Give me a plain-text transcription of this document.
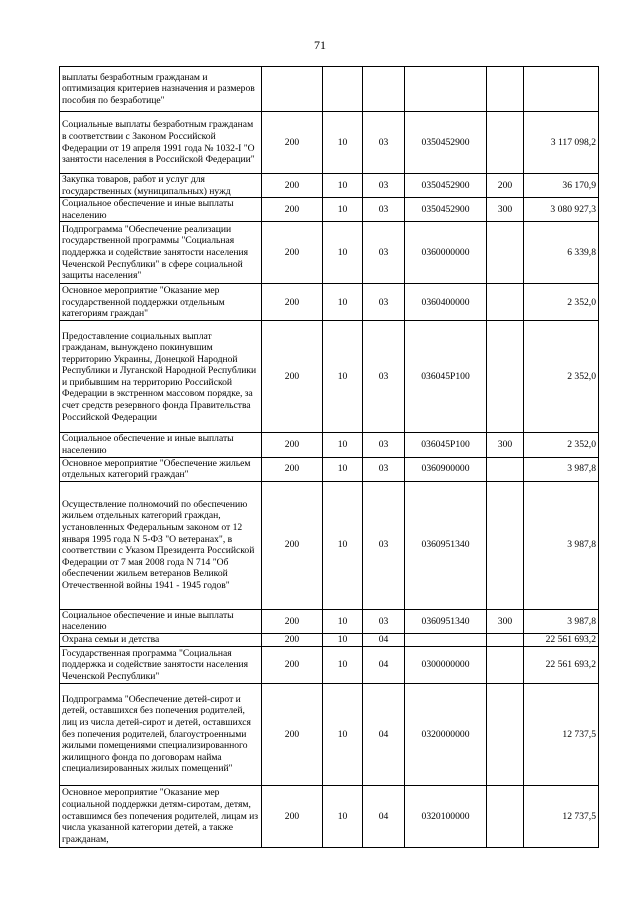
71
выплаты безработным гражданам и оптимизация критериев назначения и размеров пособия по безработице"						
Социальные выплаты безработным гражданам в соответствии с Законом Российской Федерации от 19 апреля 1991 года № 1032-I "О занятости населения в Российской Федерации"	200	10	03	0350452900		3 117 098,2
Закупка товаров, работ и услуг для государственных (муниципальных) нужд	200	10	03	0350452900	200	36 170,9
Социальное обеспечение и иные выплаты населению	200	10	03	0350452900	300	3 080 927,3
Подпрограмма "Обеспечение реализации государственной программы "Социальная поддержка и содействие занятости населения Чеченской Республики" в сфере социальной защиты населения"	200	10	03	0360000000		6 339,8
Основное мероприятие "Оказание мер государственной поддержки отдельным категориям граждан"	200	10	03	0360400000		2 352,0
Предоставление социальных выплат гражданам, вынуждено покинувшим территорию Украины, Донецкой Народной Республики и Луганской Народной Республики и прибывшим на территорию Российской Федерации в экстренном массовом порядке, за счет средств резервного фонда Правительства Российской Федерации	200	10	03	036045Р100		2 352,0
Социальное обеспечение и иные выплаты населению	200	10	03	036045Р100	300	2 352,0
Основное мероприятие "Обеспечение жильем отдельных категорий граждан"	200	10	03	0360900000		3 987,8
Осуществление полномочий по обеспечению жильем отдельных категорий граждан, установленных Федеральным законом от 12 января 1995 года N 5-ФЗ "О ветеранах", в соответствии с Указом Президента Российской Федерации от 7 мая 2008 года N 714 "Об обеспечении жильем ветеранов Великой Отечественной войны 1941 - 1945 годов"	200	10	03	0360951340		3 987,8
Социальное обеспечение и иные выплаты населению	200	10	03	0360951340	300	3 987,8
Охрана семьи и детства	200	10	04			22 561 693,2
Государственная программа "Социальная поддержка и содействие занятости населения Чеченской Республики"	200	10	04	0300000000		22 561 693,2
Подпрограмма "Обеспечение детей-сирот и детей, оставшихся без попечения родителей, лиц из числа детей-сирот и детей, оставшихся без попечения родителей, благоустроенными жилыми помещениями специализированного жилищного фонда по договорам найма специализированных жилых помещений"	200	10	04	0320000000		12 737,5
Основное мероприятие "Оказание мер социальной поддержки детям-сиротам, детям, оставшимся без попечения родителей, лицам из числа указанной категории детей, а также гражданам,	200	10	04	0320100000		12 737,5
